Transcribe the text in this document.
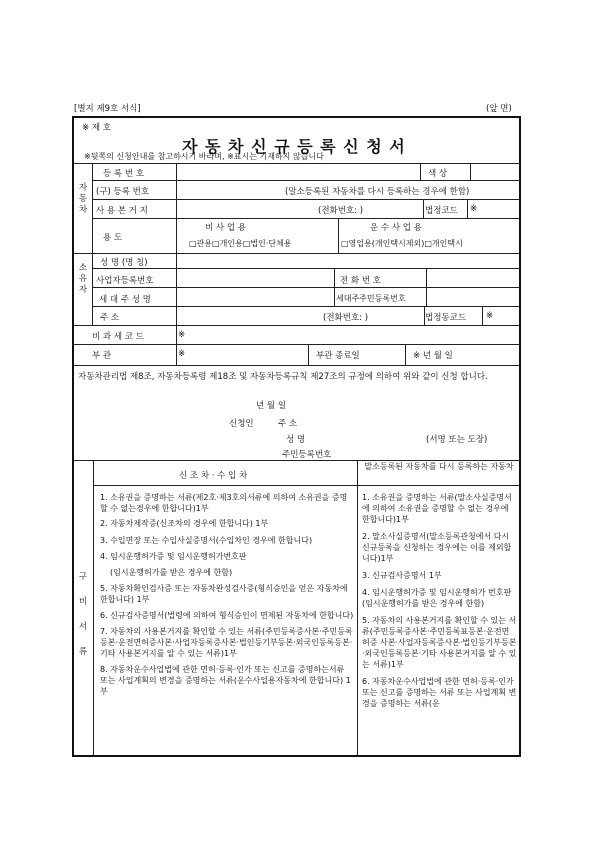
[별지 제9호 서식]	(앞 면)
※ 제 호
자 동 차 신 규 등 록 신 청 서
※뒷쪽의 신청안내를 참고하시기 바라며, ※표시는 기재하지 않습니다
자동차
등 록 번 호	색 상
(구) 등록 번호	(말소등록된 자동차를 다시 등록하는 경우에 한함)
사 용 본 거 지	(전화번호: )	법정코드 ※
용 도
비 사 업 용
□관용□개인용□법인·단체용
운 수 사 업 용
□영업용(개인택시제외)□개인택시
소유자
성 명 (명 칭)
사업자등록번호	전 화 번 호
세 대 주 성 명	세대주주민등록번호
주 소	(전화번호: )	법정동코드 ※
비 과 세 코 드	※
부 관	※	부관 종료일	※ 년 월 일
자동차관리법 제8조, 자동차등록령 제18조 및 자동차등록규칙 제27조의 규정에 의하여 위와 같이 신청 합니다.
년 월 일
신청인	주 소
성 명	(서명 또는 도장)
주민등록번호
구비서류
신 조 차 · 수 입 차
말소등록된 자동차를 다시 등록하는 자동차
1. 소유권을 증명하는 서류(제2호·제3호의서류에 의하여 소유권을 증명할 수 없는경우에 한합니다)1부
2. 자동차제작증(신조차의 경우에 한합니다) 1부
3. 수입면장 또는 수입사실증명서(수입차인 경우에 한합니다)
4. 임시운행허가증 및 임시운행허가번호판
(임시운행허가를 받은 경우에 한함)
5. 자동차확인검사증 또는 자동차완성검사증(형식승인을 얻은 자동차에 한합니다) 1부
6. 신규검사증명서(법령에 의하여 형식승인이 면제된 자동차에 한합니다)
7. 자동차의 사용본거지를 확인할 수 있는 서류(주민등록증사본·주민등록등본·운전면허증사본·사업자등록증사본·법인등기부등본·외국인등록등본·기타 사용본거지를 알 수 있는 서류)1부
8. 자동차운수사업법에 관한 면허·등록·인가 또는 신고를 증명하는서류 또는 사업계획의 변경을 증명하는 서류(운수사업용자동차에 한합니다) 1부
1. 소유권을 증명하는 서류(말소사실증명서에 의하여 소유권을 증명할 수 없는 경우에 한합니다)1부
2. 말소사실증명서(말소등록관청에서 다시 신규등록을 신청하는 경우에는 이를 제외합니다)1부
3. 신규검사증명서 1부
4. 임시운행허가증 및 임시운행허가 번호판(임시운행허가를 받은 경우에 한함)
5. 자동차의 사용본거지를 확인할 수 있는 서류(주민등록증사본·주민등록표등본·운전면허증 사본·사업자등록증사본·법인등기부등본·외국인등록등본·기타 사용본거지를 알 수 있는 서류)1부
6. 자동차운수사업법에 관한 면허·등록·인가 또는 신고를 증명하는 서류 또는 사업계획 변경을 증명하는 서류(운
